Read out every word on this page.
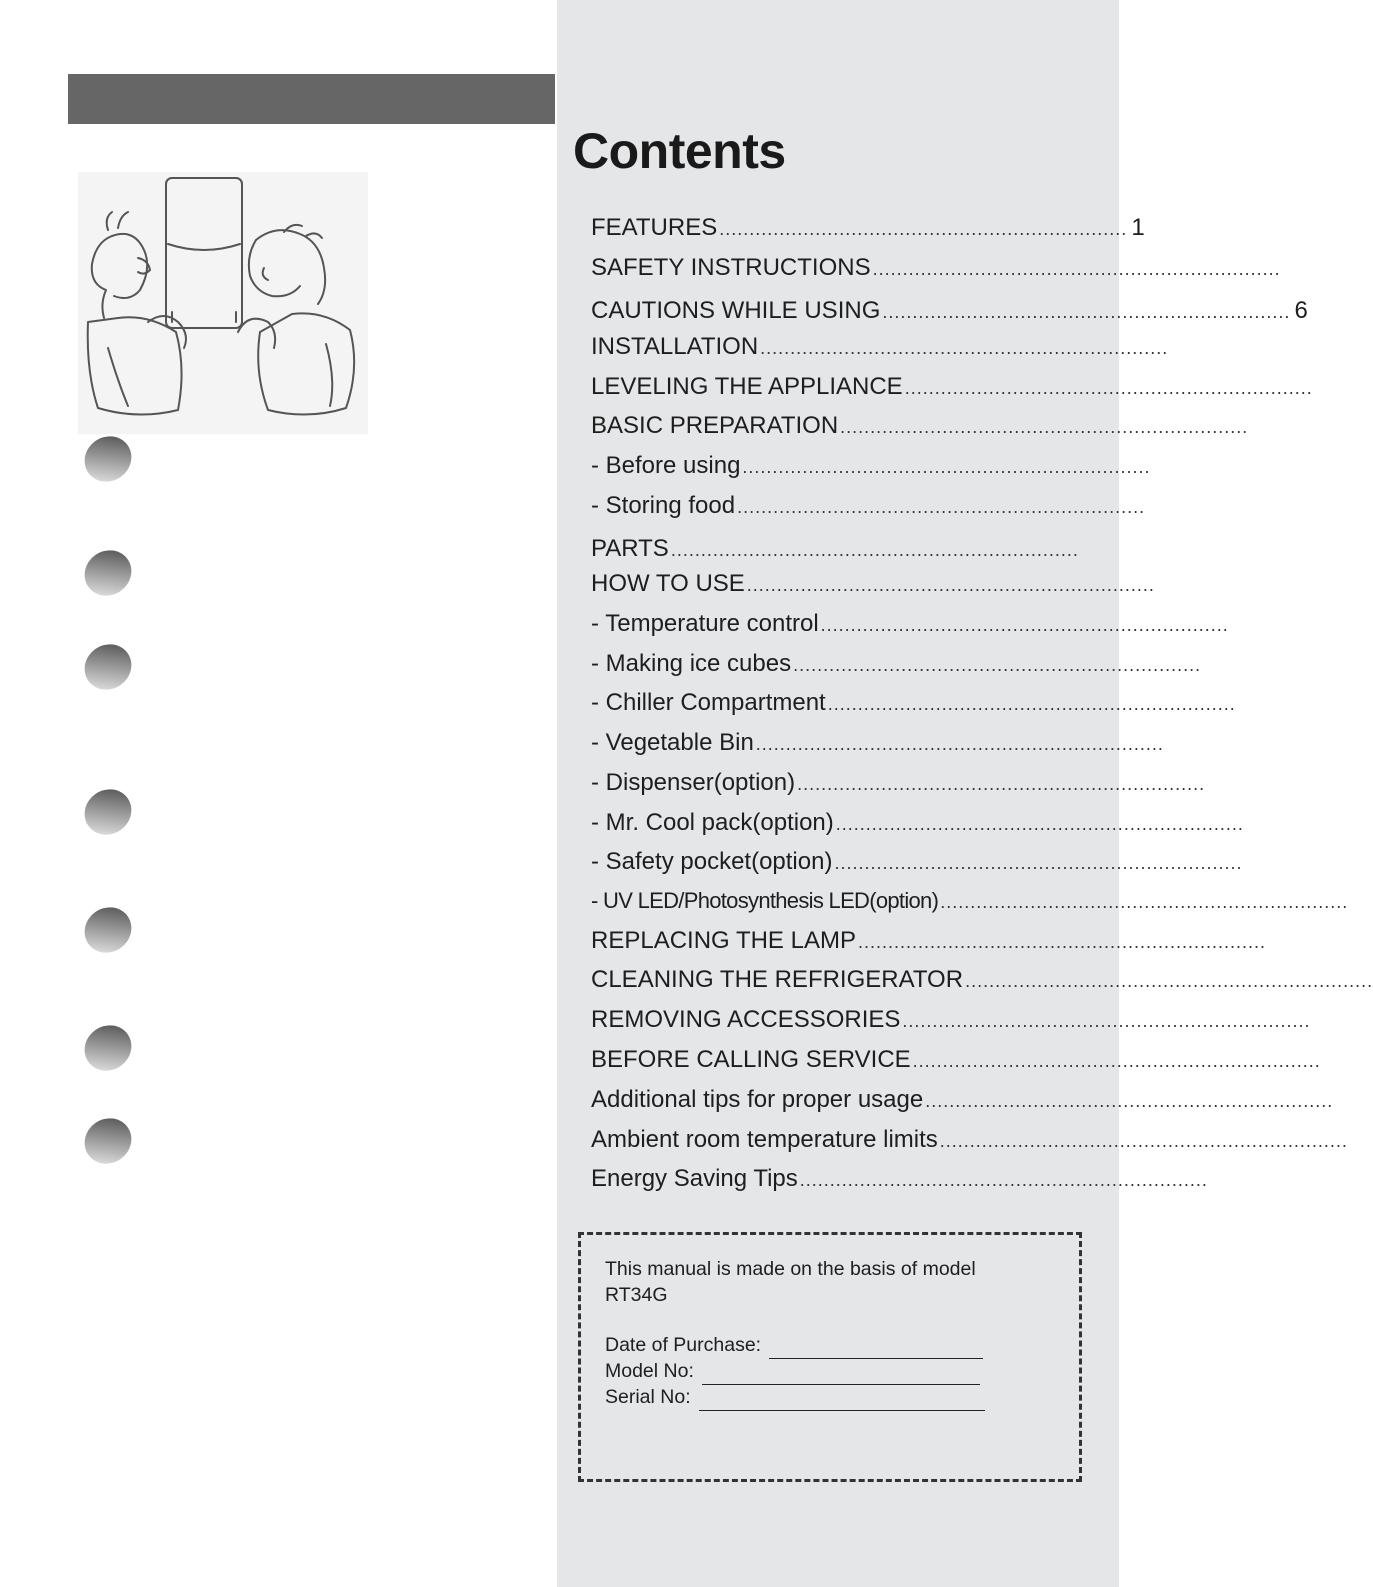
Contents
FEATURES .................................................................... 1
SAFETY INSTRUCTIONS ....................................................................
CAUTIONS WHILE USING .................................................................... 6
INSTALLATION ....................................................................
LEVELING THE APPLIANCE ....................................................................
BASIC PREPARATION ....................................................................
- Before using ....................................................................
- Storing food ....................................................................
PARTS ....................................................................
HOW TO USE ....................................................................
- Temperature control ....................................................................
- Making ice cubes ....................................................................
- Chiller Compartment ....................................................................
- Vegetable Bin ....................................................................
- Dispenser(option) ....................................................................
- Mr. Cool pack(option) ....................................................................
- Safety pocket(option) ....................................................................
- UV LED/Photosynthesis LED(option) ....................................................................
REPLACING THE LAMP ....................................................................
CLEANING THE REFRIGERATOR ....................................................................
REMOVING ACCESSORIES ....................................................................
BEFORE CALLING SERVICE ....................................................................
Additional tips for proper usage ....................................................................
Ambient room temperature limits ....................................................................
Energy Saving Tips ....................................................................
This manual is made on the basis of model
RT34G
Date of Purchase:
Model No:
Serial No:
